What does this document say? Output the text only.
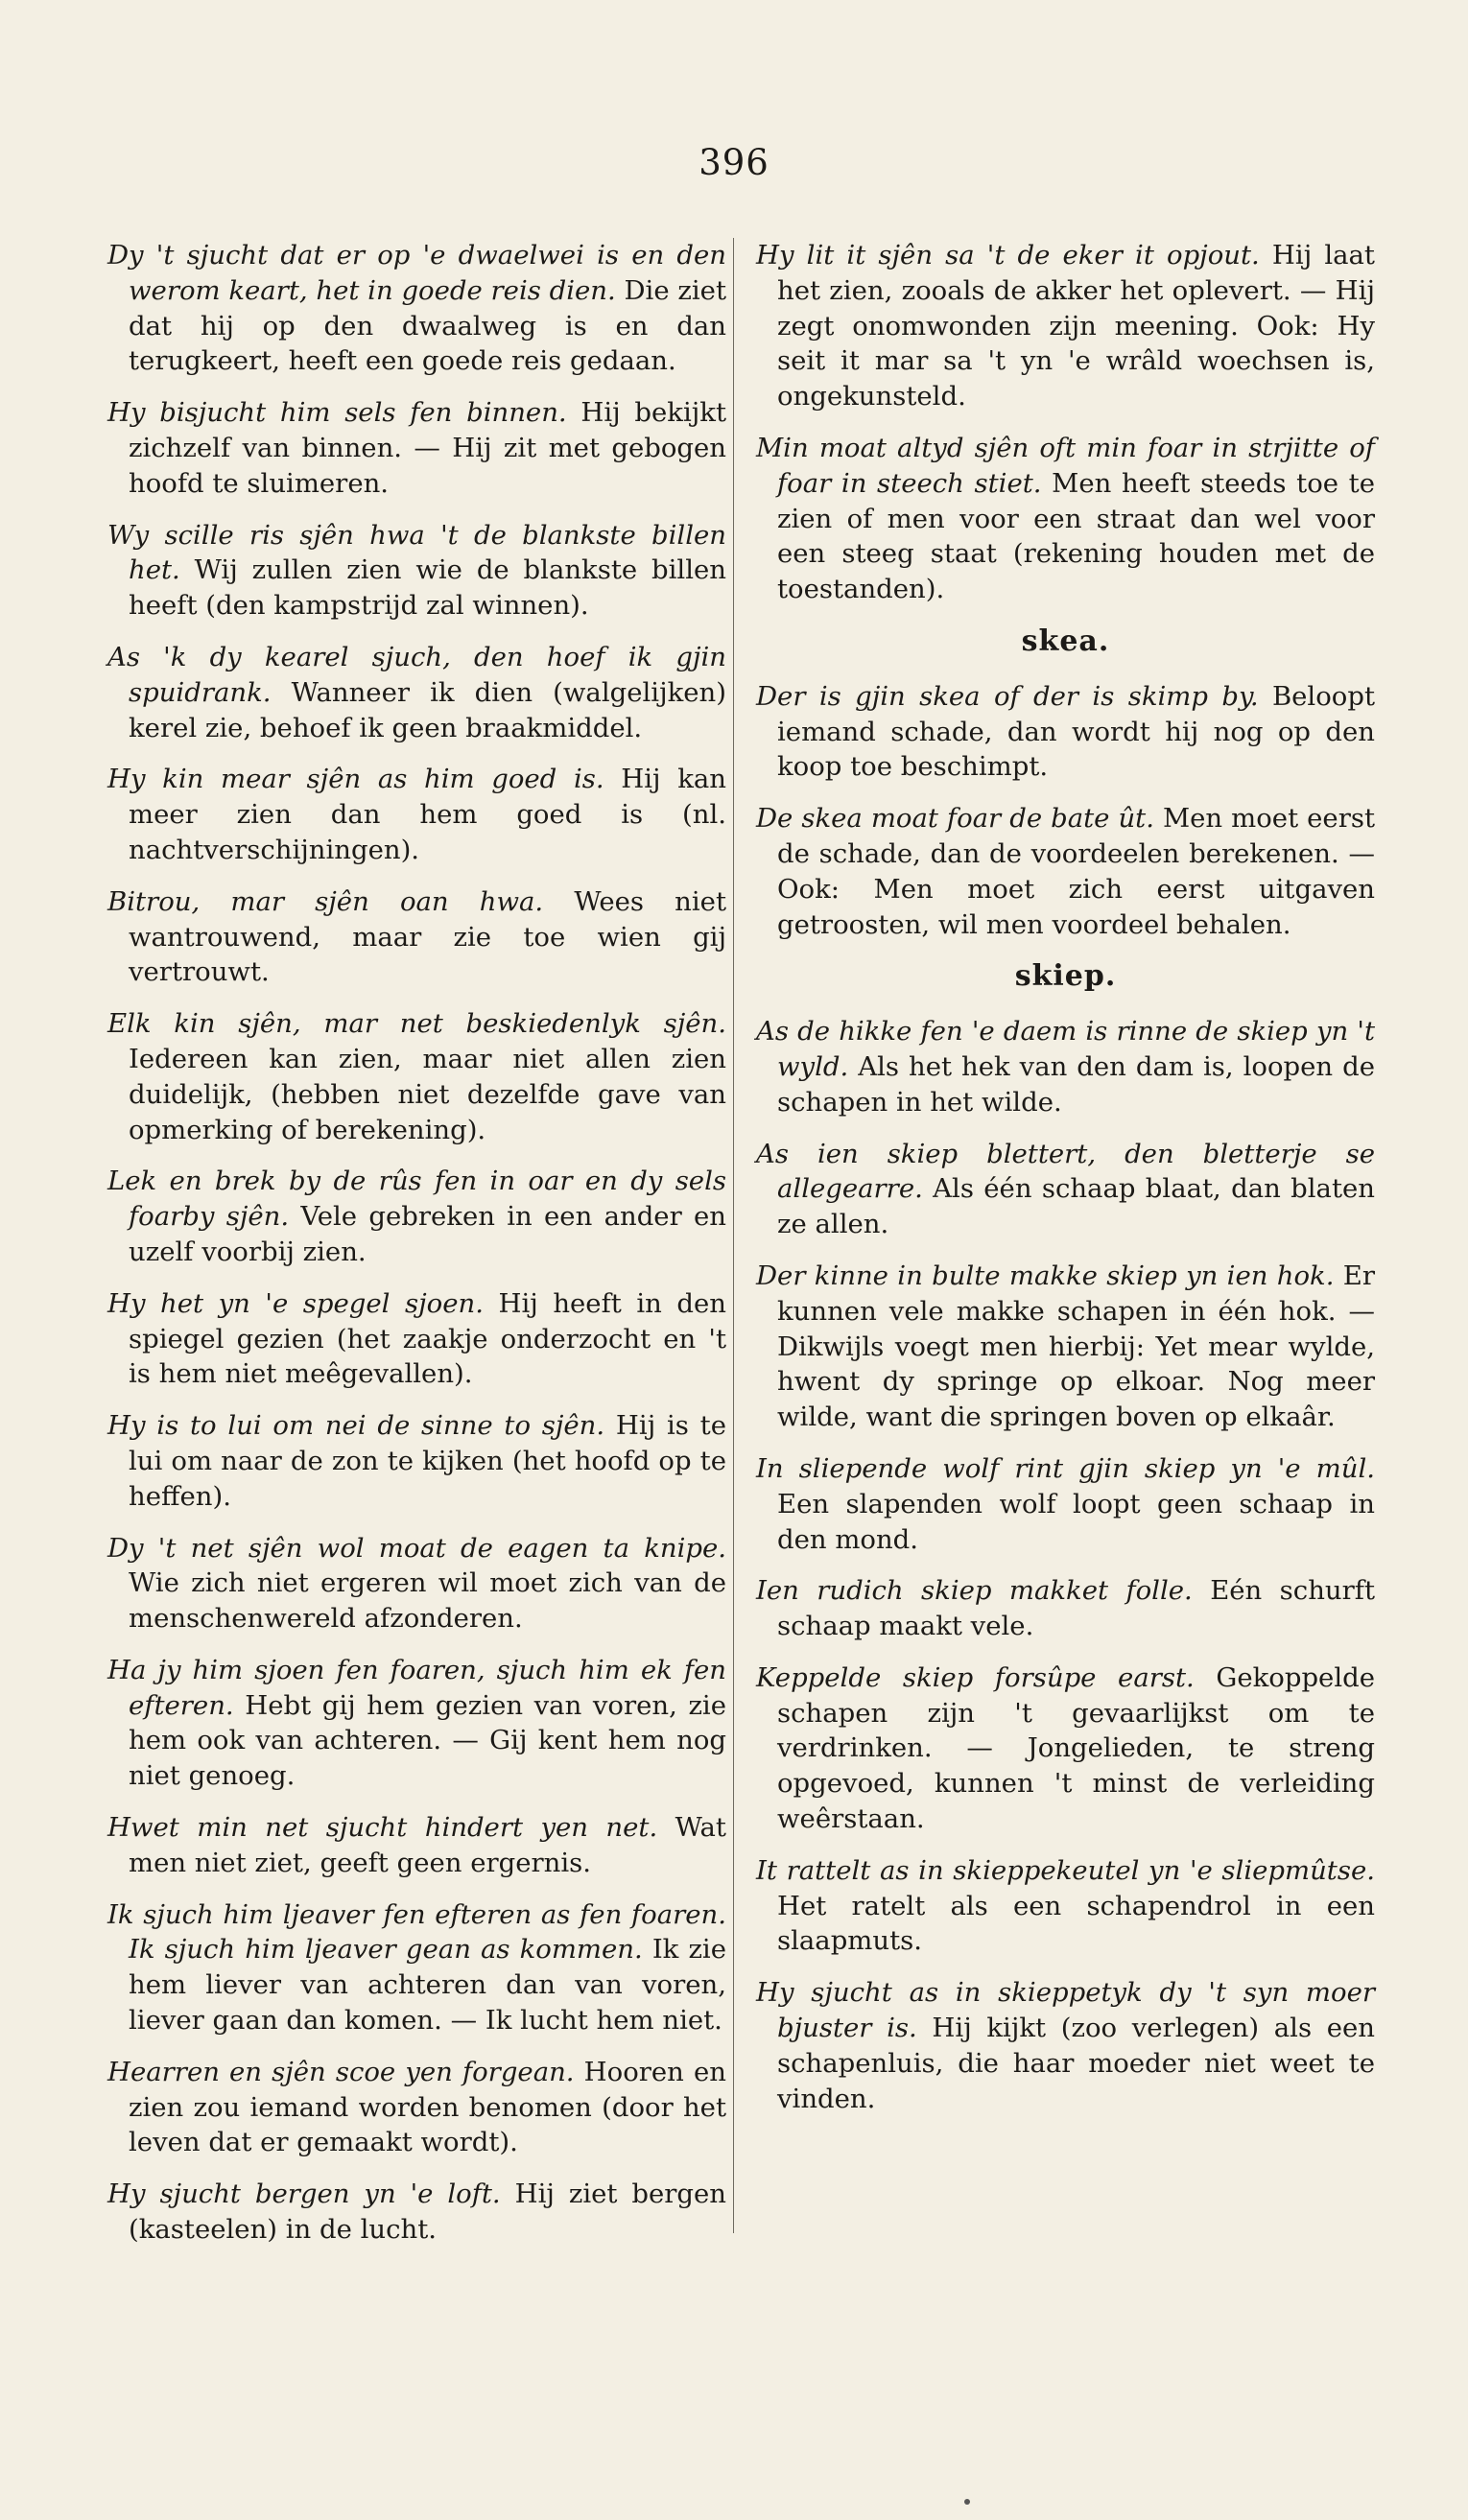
396

Dy 't sjucht dat er op 'e dwaelwei is en den werom keart, het in goede reis dien. Die ziet dat hij op den dwaalweg is en dan terugkeert, heeft een goede reis gedaan.

Hy bisjucht him sels fen binnen. Hij bekijkt zichzelf van binnen. — Hij zit met gebogen hoofd te sluimeren.

Wy scille ris sjên hwa 't de blankste billen het. Wij zullen zien wie de blankste billen heeft (den kampstrijd zal winnen).

As 'k dy kearel sjuch, den hoef ik gjin spuidrank. Wanneer ik dien (walgelijken) kerel zie, behoef ik geen braakmiddel.

Hy kin mear sjên as him goed is. Hij kan meer zien dan hem goed is (nl. nachtverschijningen).

Bitrou, mar sjên oan hwa. Wees niet wantrouwend, maar zie toe wien gij vertrouwt.

Elk kin sjên, mar net beskiedenlyk sjên. Iedereen kan zien, maar niet allen zien duidelijk, (hebben niet dezelfde gave van opmerking of berekening).

Lek en brek by de rûs fen in oar en dy sels foarby sjên. Vele gebreken in een ander en uzelf voorbij zien.

Hy het yn 'e spegel sjoen. Hij heeft in den spiegel gezien (het zaakje onderzocht en 't is hem niet meêgevallen).

Hy is to lui om nei de sinne to sjên. Hij is te lui om naar de zon te kijken (het hoofd op te heffen).

Dy 't net sjên wol moat de eagen ta knipe. Wie zich niet ergeren wil moet zich van de menschenwereld afzonderen.

Ha jy him sjoen fen foaren, sjuch him ek fen efteren. Hebt gij hem gezien van voren, zie hem ook van achteren. — Gij kent hem nog niet genoeg.

Hwet min net sjucht hindert yen net. Wat men niet ziet, geeft geen ergernis.

Ik sjuch him ljeaver fen efteren as fen foaren. Ik sjuch him ljeaver gean as kommen. Ik zie hem liever van achteren dan van voren, liever gaan dan komen. — Ik lucht hem niet.

Hearren en sjên scoe yen forgean. Hooren en zien zou iemand worden benomen (door het leven dat er gemaakt wordt).

Hy sjucht bergen yn 'e loft. Hij ziet bergen (kasteelen) in de lucht.

Hy lit it sjên sa 't de eker it opjout. Hij laat het zien, zooals de akker het oplevert. — Hij zegt onomwonden zijn meening. Ook: Hy seit it mar sa 't yn 'e wrâld woechsen is, ongekunsteld.

Min moat altyd sjên oft min foar in strjitte of foar in steech stiet. Men heeft steeds toe te zien of men voor een straat dan wel voor een steeg staat (rekening houden met de toestanden).

skea.

Der is gjin skea of der is skimp by. Beloopt iemand schade, dan wordt hij nog op den koop toe beschimpt.

De skea moat foar de bate ût. Men moet eerst de schade, dan de voordeelen berekenen. — Ook: Men moet zich eerst uitgaven getroosten, wil men voordeel behalen.

skiep.

As de hikke fen 'e daem is rinne de skiep yn 't wyld. Als het hek van den dam is, loopen de schapen in het wilde.

As ien skiep blettert, den bletterje se allegearre. Als één schaap blaat, dan blaten ze allen.

Der kinne in bulte makke skiep yn ien hok. Er kunnen vele makke schapen in één hok. — Dikwijls voegt men hierbij: Yet mear wylde, hwent dy springe op elkoar. Nog meer wilde, want die springen boven op elkaâr.

In sliepende wolf rint gjin skiep yn 'e mûl. Een slapenden wolf loopt geen schaap in den mond.

Ien rudich skiep makket folle. Eén schurft schaap maakt vele.

Keppelde skiep forsûpe earst. Gekoppelde schapen zijn 't gevaarlijkst om te verdrinken. — Jongelieden, te streng opgevoed, kunnen 't minst de verleiding weêrstaan.

It rattelt as in skieppekeutel yn 'e sliepmûtse. Het ratelt als een schapendrol in een slaapmuts.

Hy sjucht as in skieppetyk dy 't syn moer bjuster is. Hij kijkt (zoo verlegen) als een schapenluis, die haar moeder niet weet te vinden.
